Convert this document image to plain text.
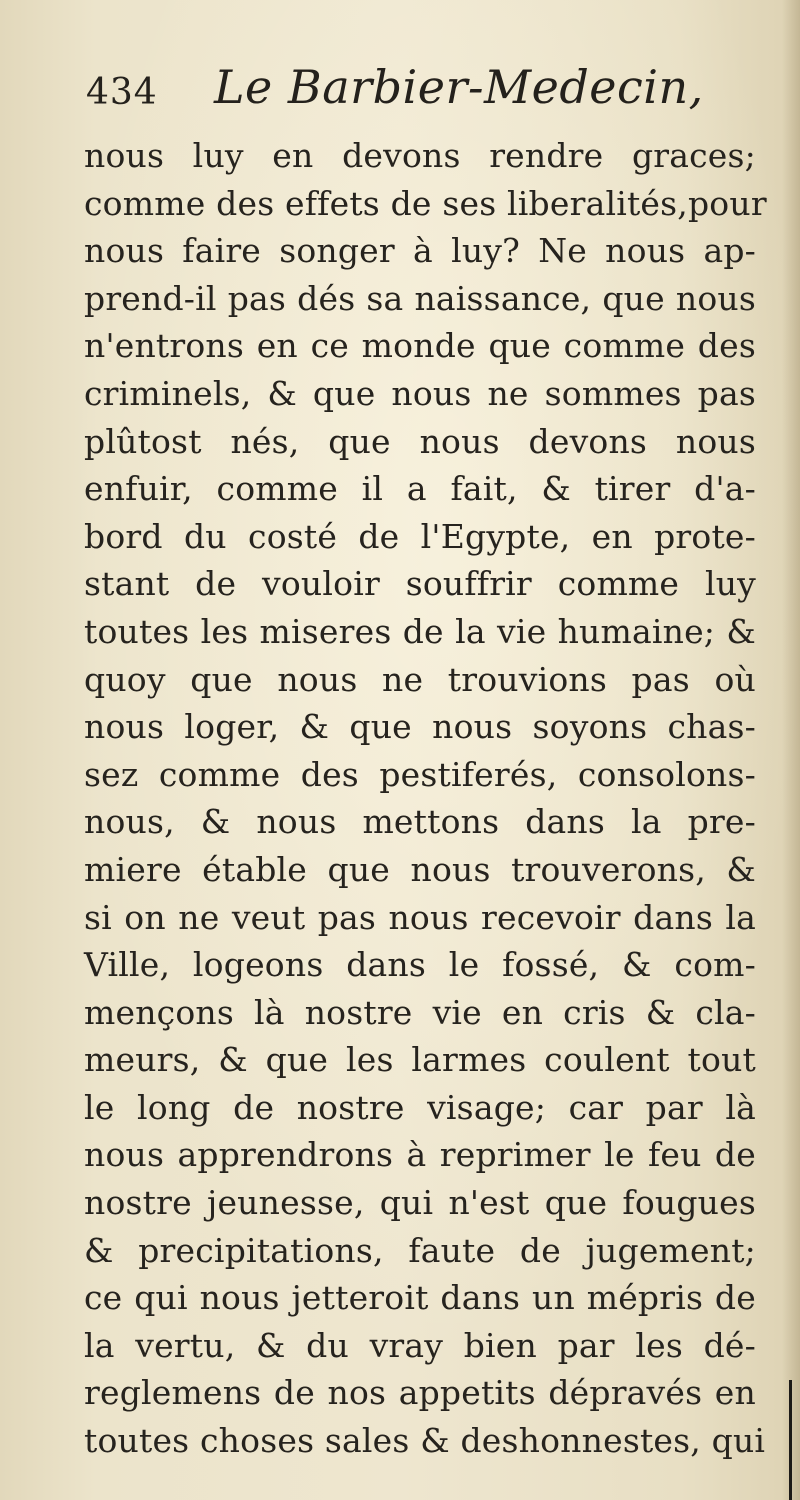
434 Le Barbier-Medecin,
nous luy en devons rendre graces;
comme des effets de ses liberalités,pour
nous faire songer à luy? Ne nous ap-
prend-il pas dés sa naissance, que nous
n'entrons en ce monde que comme des
criminels, & que nous ne sommes pas
plûtost nés, que nous devons nous
enfuir, comme il a fait, & tirer d'a-
bord du costé de l'Egypte, en prote-
stant de vouloir souffrir comme luy
toutes les miseres de la vie humaine; &
quoy que nous ne trouvions pas où
nous loger, & que nous soyons chas-
sez comme des pestiferés, consolons-
nous, & nous mettons dans la pre-
miere étable que nous trouverons, &
si on ne veut pas nous recevoir dans la
Ville, logeons dans le fossé, & com-
mençons là nostre vie en cris & cla-
meurs, & que les larmes coulent tout
le long de nostre visage; car par là
nous apprendrons à reprimer le feu de
nostre jeunesse, qui n'est que fougues
& precipitations, faute de jugement;
ce qui nous jetteroit dans un mépris de
la vertu, & du vray bien par les dé-
reglemens de nos appetits dépravés en
toutes choses sales & deshonnestes, qui
